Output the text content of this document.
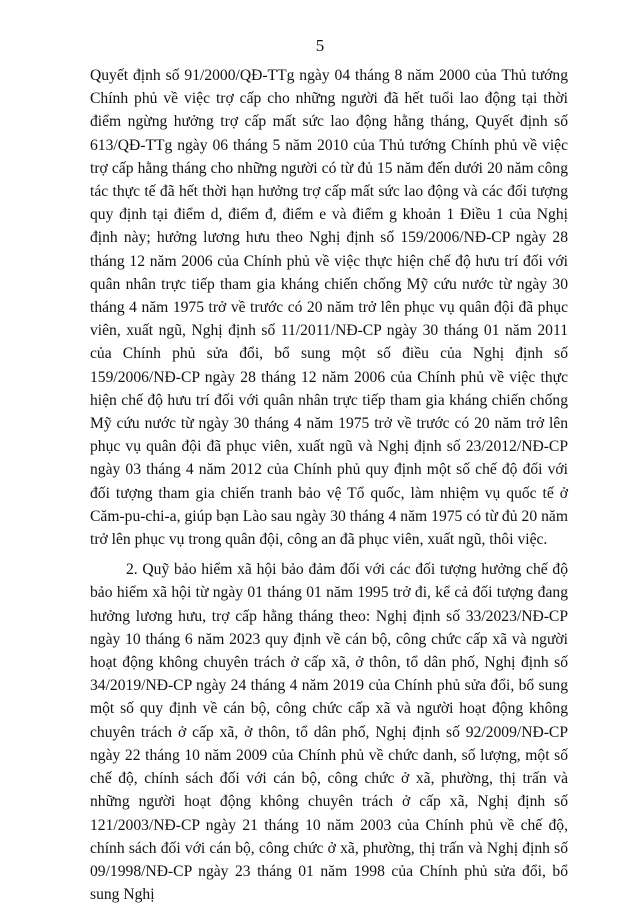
5

Quyết định số 91/2000/QĐ-TTg ngày 04 tháng 8 năm 2000 của Thủ tướng Chính phủ về việc trợ cấp cho những người đã hết tuổi lao động tại thời điểm ngừng hưởng trợ cấp mất sức lao động hằng tháng, Quyết định số 613/QĐ-TTg ngày 06 tháng 5 năm 2010 của Thủ tướng Chính phủ về việc trợ cấp hằng tháng cho những người có từ đủ 15 năm đến dưới 20 năm công tác thực tế đã hết thời hạn hưởng trợ cấp mất sức lao động và các đối tượng quy định tại điểm d, điểm đ, điểm e và điểm g khoản 1 Điều 1 của Nghị định này; hưởng lương hưu theo Nghị định số 159/2006/NĐ-CP ngày 28 tháng 12 năm 2006 của Chính phủ về việc thực hiện chế độ hưu trí đối với quân nhân trực tiếp tham gia kháng chiến chống Mỹ cứu nước từ ngày 30 tháng 4 năm 1975 trở về trước có 20 năm trở lên phục vụ quân đội đã phục viên, xuất ngũ, Nghị định số 11/2011/NĐ-CP ngày 30 tháng 01 năm 2011 của Chính phủ sửa đổi, bổ sung một số điều của Nghị định số 159/2006/NĐ-CP ngày 28 tháng 12 năm 2006 của Chính phủ về việc thực hiện chế độ hưu trí đối với quân nhân trực tiếp tham gia kháng chiến chống Mỹ cứu nước từ ngày 30 tháng 4 năm 1975 trở về trước có 20 năm trở lên phục vụ quân đội đã phục viên, xuất ngũ và Nghị định số 23/2012/NĐ-CP ngày 03 tháng 4 năm 2012 của Chính phủ quy định một số chế độ đối với đối tượng tham gia chiến tranh bảo vệ Tổ quốc, làm nhiệm vụ quốc tế ở Căm-pu-chi-a, giúp bạn Lào sau ngày 30 tháng 4 năm 1975 có từ đủ 20 năm trở lên phục vụ trong quân đội, công an đã phục viên, xuất ngũ, thôi việc.

2. Quỹ bảo hiểm xã hội bảo đảm đối với các đối tượng hưởng chế độ bảo hiểm xã hội từ ngày 01 tháng 01 năm 1995 trở đi, kể cả đối tượng đang hưởng lương hưu, trợ cấp hằng tháng theo: Nghị định số 33/2023/NĐ-CP ngày 10 tháng 6 năm 2023 quy định về cán bộ, công chức cấp xã và người hoạt động không chuyên trách ở cấp xã, ở thôn, tổ dân phố, Nghị định số 34/2019/NĐ-CP ngày 24 tháng 4 năm 2019 của Chính phủ sửa đổi, bổ sung một số quy định về cán bộ, công chức cấp xã và người hoạt động không chuyên trách ở cấp xã, ở thôn, tổ dân phố, Nghị định số 92/2009/NĐ-CP ngày 22 tháng 10 năm 2009 của Chính phủ về chức danh, số lượng, một số chế độ, chính sách đối với cán bộ, công chức ở xã, phường, thị trấn và những người hoạt động không chuyên trách ở cấp xã, Nghị định số 121/2003/NĐ-CP ngày 21 tháng 10 năm 2003 của Chính phủ về chế độ, chính sách đối với cán bộ, công chức ở xã, phường, thị trấn và Nghị định số 09/1998/NĐ-CP ngày 23 tháng 01 năm 1998 của Chính phủ sửa đổi, bổ sung Nghị
